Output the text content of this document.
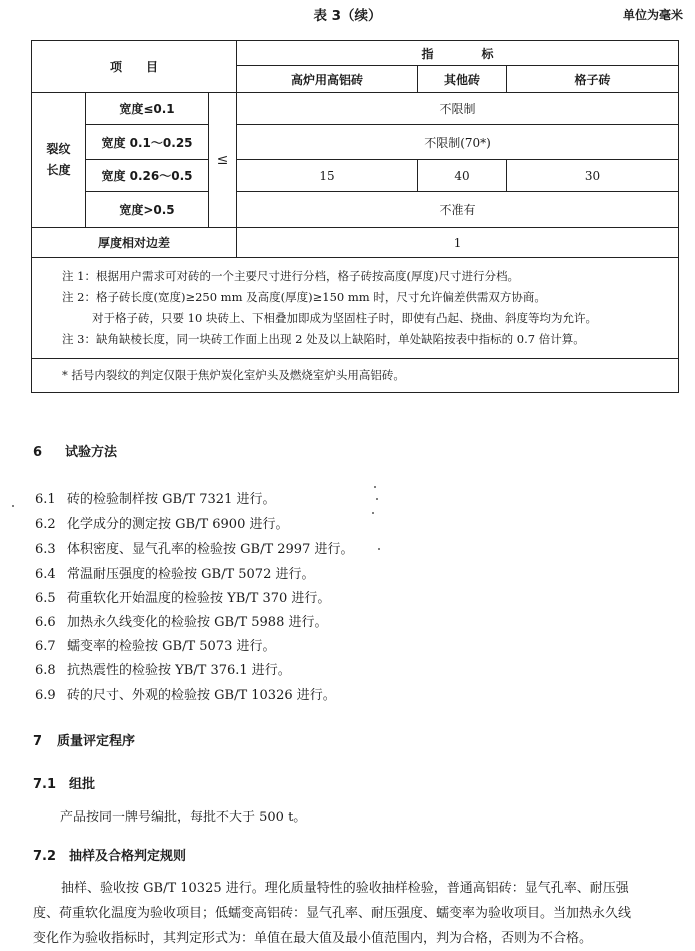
表 3（续）	单位为毫米
项　　目			指　　　　标		
			高炉用高铝砖	其他砖	格子砖
裂纹
长度	宽度≤0.1	≤	不限制		
	宽度 0.1～0.25		不限制(70*)		
	宽度 0.26～0.5		15	40	30
	宽度>0.5		不准有		
厚度相对边差			1		

注 1：根据用户需求可对砖的一个主要尺寸进行分档，格子砖按高度(厚度)尺寸进行分档。
注 2：格子砖长度(宽度)≥250 mm 及高度(厚度)≥150 mm 时，尺寸允许偏差供需双方协商。
对于格子砖，只要 10 块砖上、下相叠加即成为坚固柱子时，即使有凸起、挠曲、斜度等均为允许。
注 3：缺角缺棱长度，同一块砖工作面上出现 2 处及以上缺陷时，单处缺陷按表中指标的 0.7 倍计算。					

* 括号内裂纹的判定仅限于焦炉炭化室炉头及燃烧室炉头用高铝砖。					
6 试验方法
6.1 砖的检验制样按 GB/T 7321 进行。
6.2 化学成分的测定按 GB/T 6900 进行。
6.3 体积密度、显气孔率的检验按 GB/T 2997 进行。
6.4 常温耐压强度的检验按 GB/T 5072 进行。
6.5 荷重软化开始温度的检验按 YB/T 370 进行。
6.6 加热永久线变化的检验按 GB/T 5988 进行。
6.7 蠕变率的检验按 GB/T 5073 进行。
6.8 抗热震性的检验按 YB/T 376.1 进行。
6.9 砖的尺寸、外观的检验按 GB/T 10326 进行。
7 质量评定程序
7.1 组批
产品按同一牌号编批，每批不大于 500 t。
7.2 抽样及合格判定规则
抽样、验收按 GB/T 10325 进行。理化质量特性的验收抽样检验，普通高铝砖：显气孔率、耐压强
度、荷重软化温度为验收项目；低蠕变高铝砖：显气孔率、耐压强度、蠕变率为验收项目。当加热永久线
变化作为验收指标时，其判定形式为：单值在最大值及最小值范围内，判为合格，否则为不合格。
